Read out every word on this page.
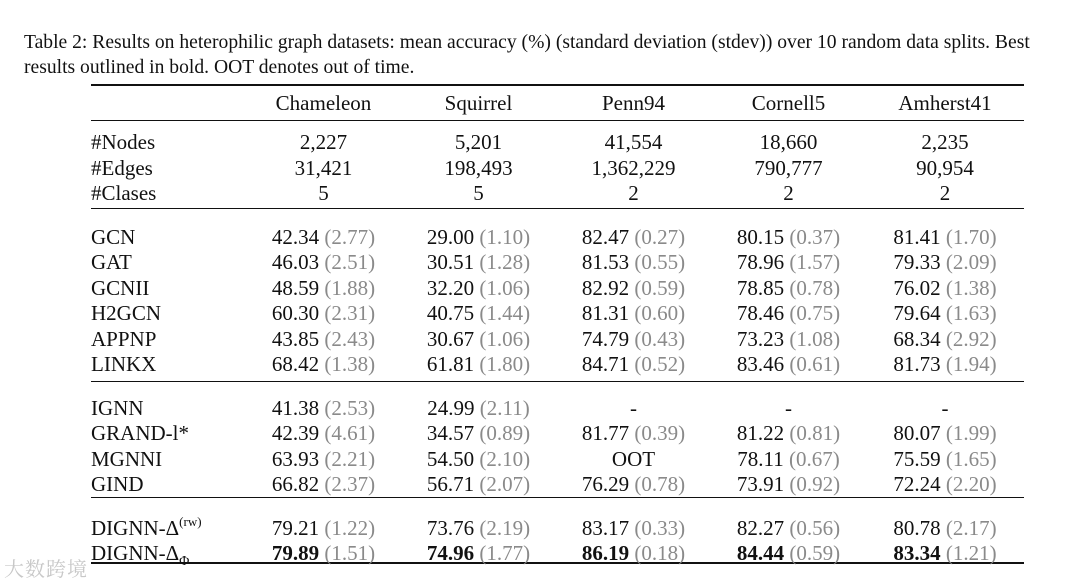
Table 2: Results on heterophilic graph datasets: mean accuracy (%) (standard deviation (stdev)) over 10 random data splits. Best results outlined in bold. OOT denotes out of time.

	Chameleon	Squirrel	Penn94	Cornell5	Amherst41

#Nodes	2,227	5,201	41,554	18,660	2,235
#Edges	31,421	198,493	1,362,229	790,777	90,954
#Clases	5	5	2	2	2

GCN	42.34 (2.77)	29.00 (1.10)	82.47 (0.27)	80.15 (0.37)	81.41 (1.70)
GAT	46.03 (2.51)	30.51 (1.28)	81.53 (0.55)	78.96 (1.57)	79.33 (2.09)
GCNII	48.59 (1.88)	32.20 (1.06)	82.92 (0.59)	78.85 (0.78)	76.02 (1.38)
H2GCN	60.30 (2.31)	40.75 (1.44)	81.31 (0.60)	78.46 (0.75)	79.64 (1.63)
APPNP	43.85 (2.43)	30.67 (1.06)	74.79 (0.43)	73.23 (1.08)	68.34 (2.92)
LINKX	68.42 (1.38)	61.81 (1.80)	84.71 (0.52)	83.46 (0.61)	81.73 (1.94)

IGNN	41.38 (2.53)	24.99 (2.11)	-	-	-
GRAND-l*	42.39 (4.61)	34.57 (0.89)	81.77 (0.39)	81.22 (0.81)	80.07 (1.99)
MGNNI	63.93 (2.21)	54.50 (2.10)	OOT	78.11 (0.67)	75.59 (1.65)
GIND	66.82 (2.37)	56.71 (2.07)	76.29 (0.78)	73.91 (0.92)	72.24 (2.20)

DIGNN-$\Delta^{(rw)}$	79.21 (1.22)	73.76 (2.19)	83.17 (0.33)	82.27 (0.56)	80.78 (2.17)
DIGNN-$\Delta_\Phi$	79.89 (1.51)	74.96 (1.77)	86.19 (0.18)	84.44 (0.59)	83.34 (1.21)
大数跨境
